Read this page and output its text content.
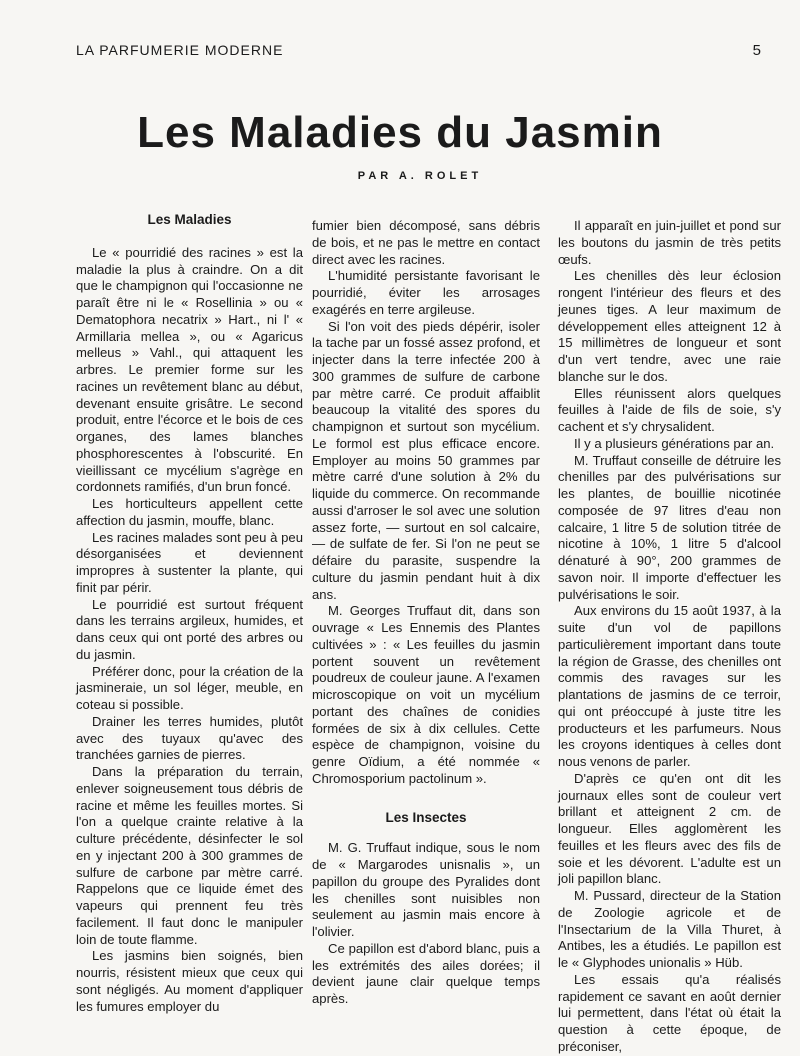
LA PARFUMERIE MODERNE	5
Les Maladies du Jasmin
PAR A. ROLET
Les Maladies

Le « pourridié des racines » est la maladie la plus à craindre. On a dit que le champignon qui l'occasionne ne paraît être ni le « Rosellinia » ou « Dematophora necatrix » Hart., ni l' « Armillaria mellea », ou « Agaricus melleus » Vahl., qui attaquent les arbres. Le premier forme sur les racines un revêtement blanc au début, devenant ensuite grisâtre. Le second produit, entre l'écorce et le bois de ces organes, des lames blanches phosphorescentes à l'obscurité. En vieillissant ce mycélium s'agrège en cordonnets ramifiés, d'un brun foncé.

Les horticulteurs appellent cette affection du jasmin, mouffe, blanc.

Les racines malades sont peu à peu désorganisées et deviennent impropres à sustenter la plante, qui finit par périr.

Le pourridié est surtout fréquent dans les terrains argileux, humides, et dans ceux qui ont porté des arbres ou du jasmin.

Préférer donc, pour la création de la jasmineraie, un sol léger, meuble, en coteau si possible.

Drainer les terres humides, plutôt avec des tuyaux qu'avec des tranchées garnies de pierres.

Dans la préparation du terrain, enlever soigneusement tous débris de racine et même les feuilles mortes. Si l'on a quelque crainte relative à la culture précédente, désinfecter le sol en y injectant 200 à 300 grammes de sulfure de carbone par mètre carré. Rappelons que ce liquide émet des vapeurs qui prennent feu très facilement. Il faut donc le manipuler loin de toute flamme.

Les jasmins bien soignés, bien nourris, résistent mieux que ceux qui sont négligés. Au moment d'appliquer les fumures employer du

fumier bien décomposé, sans débris de bois, et ne pas le mettre en contact direct avec les racines.

L'humidité persistante favorisant le pourridié, éviter les arrosages exagérés en terre argileuse.

Si l'on voit des pieds dépérir, isoler la tache par un fossé assez profond, et injecter dans la terre infectée 200 à 300 grammes de sulfure de carbone par mètre carré. Ce produit affaiblit beaucoup la vitalité des spores du champignon et surtout son mycélium. Le formol est plus efficace encore. Employer au moins 50 grammes par mètre carré d'une solution à 2% du liquide du commerce. On recommande aussi d'arroser le sol avec une solution assez forte, — surtout en sol calcaire, — de sulfate de fer. Si l'on ne peut se défaire du parasite, suspendre la culture du jasmin pendant huit à dix ans.

M. Georges Truffaut dit, dans son ouvrage « Les Ennemis des Plantes cultivées » : « Les feuilles du jasmin portent souvent un revêtement poudreux de couleur jaune. A l'examen microscopique on voit un mycélium portant des chaînes de conidies formées de six à dix cellules. Cette espèce de champignon, voisine du genre Oïdium, a été nommée « Chromosporium pactolinum ».

Les Insectes

M. G. Truffaut indique, sous le nom de « Margarodes unisnalis », un papillon du groupe des Pyralides dont les chenilles sont nuisibles non seulement au jasmin mais encore à l'olivier.

Ce papillon est d'abord blanc, puis a les extrémités des ailes dorées; il devient jaune clair quelque temps après.

Il apparaît en juin-juillet et pond sur les boutons du jasmin de très petits œufs.

Les chenilles dès leur éclosion rongent l'intérieur des fleurs et des jeunes tiges. A leur maximum de développement elles atteignent 12 à 15 millimètres de longueur et sont d'un vert tendre, avec une raie blanche sur le dos.

Elles réunissent alors quelques feuilles à l'aide de fils de soie, s'y cachent et s'y chrysalident.

Il y a plusieurs générations par an.

M. Truffaut conseille de détruire les chenilles par des pulvérisations sur les plantes, de bouillie nicotinée composée de 97 litres d'eau non calcaire, 1 litre 5 de solution titrée de nicotine à 10%, 1 litre 5 d'alcool dénaturé à 90°, 200 grammes de savon noir. Il importe d'effectuer les pulvérisations le soir.

Aux environs du 15 août 1937, à la suite d'un vol de papillons particulièrement important dans toute la région de Grasse, des chenilles ont commis des ravages sur les plantations de jasmins de ce terroir, qui ont préoccupé à juste titre les producteurs et les parfumeurs. Nous les croyons identiques à celles dont nous venons de parler.

D'après ce qu'en ont dit les journaux elles sont de couleur vert brillant et atteignent 2 cm. de longueur. Elles agglomèrent les feuilles et les fleurs avec des fils de soie et les dévorent. L'adulte est un joli papillon blanc.

M. Pussard, directeur de la Station de Zoologie agricole et de l'Insectarium de la Villa Thuret, à Antibes, les a étudiés. Le papillon est le « Glyphodes unionalis » Hüb.

Les essais qu'a réalisés rapidement ce savant en août dernier lui permettent, dans l'état où était la question à cette époque, de préconiser,
